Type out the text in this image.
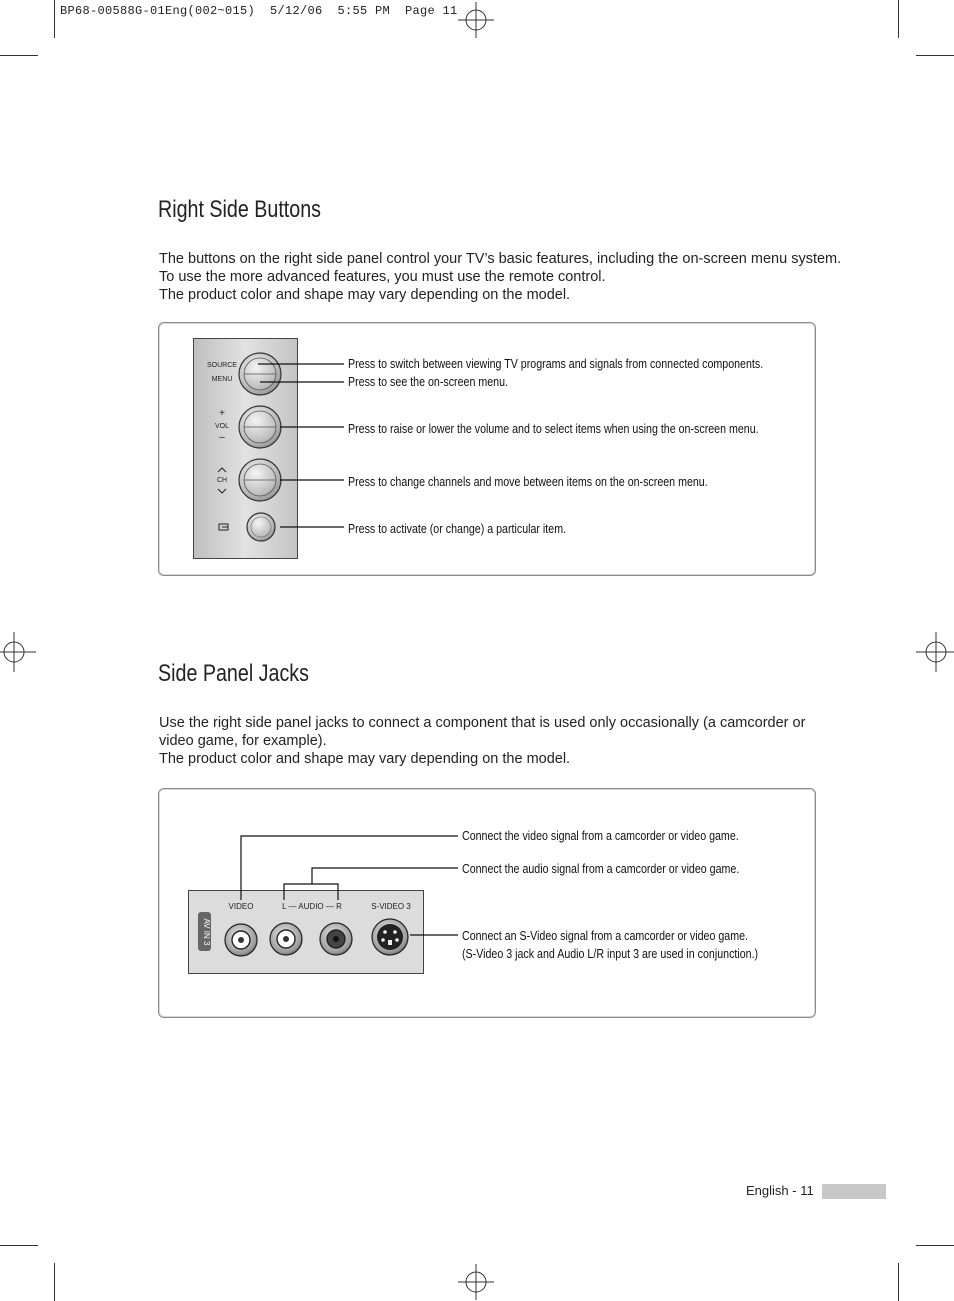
BP68-00588G-01Eng(002~015)  5/12/06  5:55 PM  Page 11
Right Side Buttons
The buttons on the right side panel control your TV’s basic features, including the on-screen menu system.
To use the more advanced features, you must use the remote control.
The product color and shape may vary depending on the model.
SOURCE
MENU
+
VOL
–
CH
Press to switch between viewing TV programs and signals from connected components.
Press to see the on-screen menu.
Press to raise or lower the volume and to select items when using the on-screen menu.
Press to change channels and move between items on the on-screen menu.
Press to activate (or change) a particular item.
Side Panel Jacks
Use the right side panel jacks to connect a component that is used only occasionally (a camcorder or
video game, for example).
The product color and shape may vary depending on the model.
AV IN 3
VIDEO	L — AUDIO — R	S-VIDEO 3
Connect the video signal from a camcorder or video game.
Connect the audio signal from a camcorder or video game.
Connect an S-Video signal from a camcorder or video game.
(S-Video 3 jack and Audio L/R input 3 are used in conjunction.)
English - 11
